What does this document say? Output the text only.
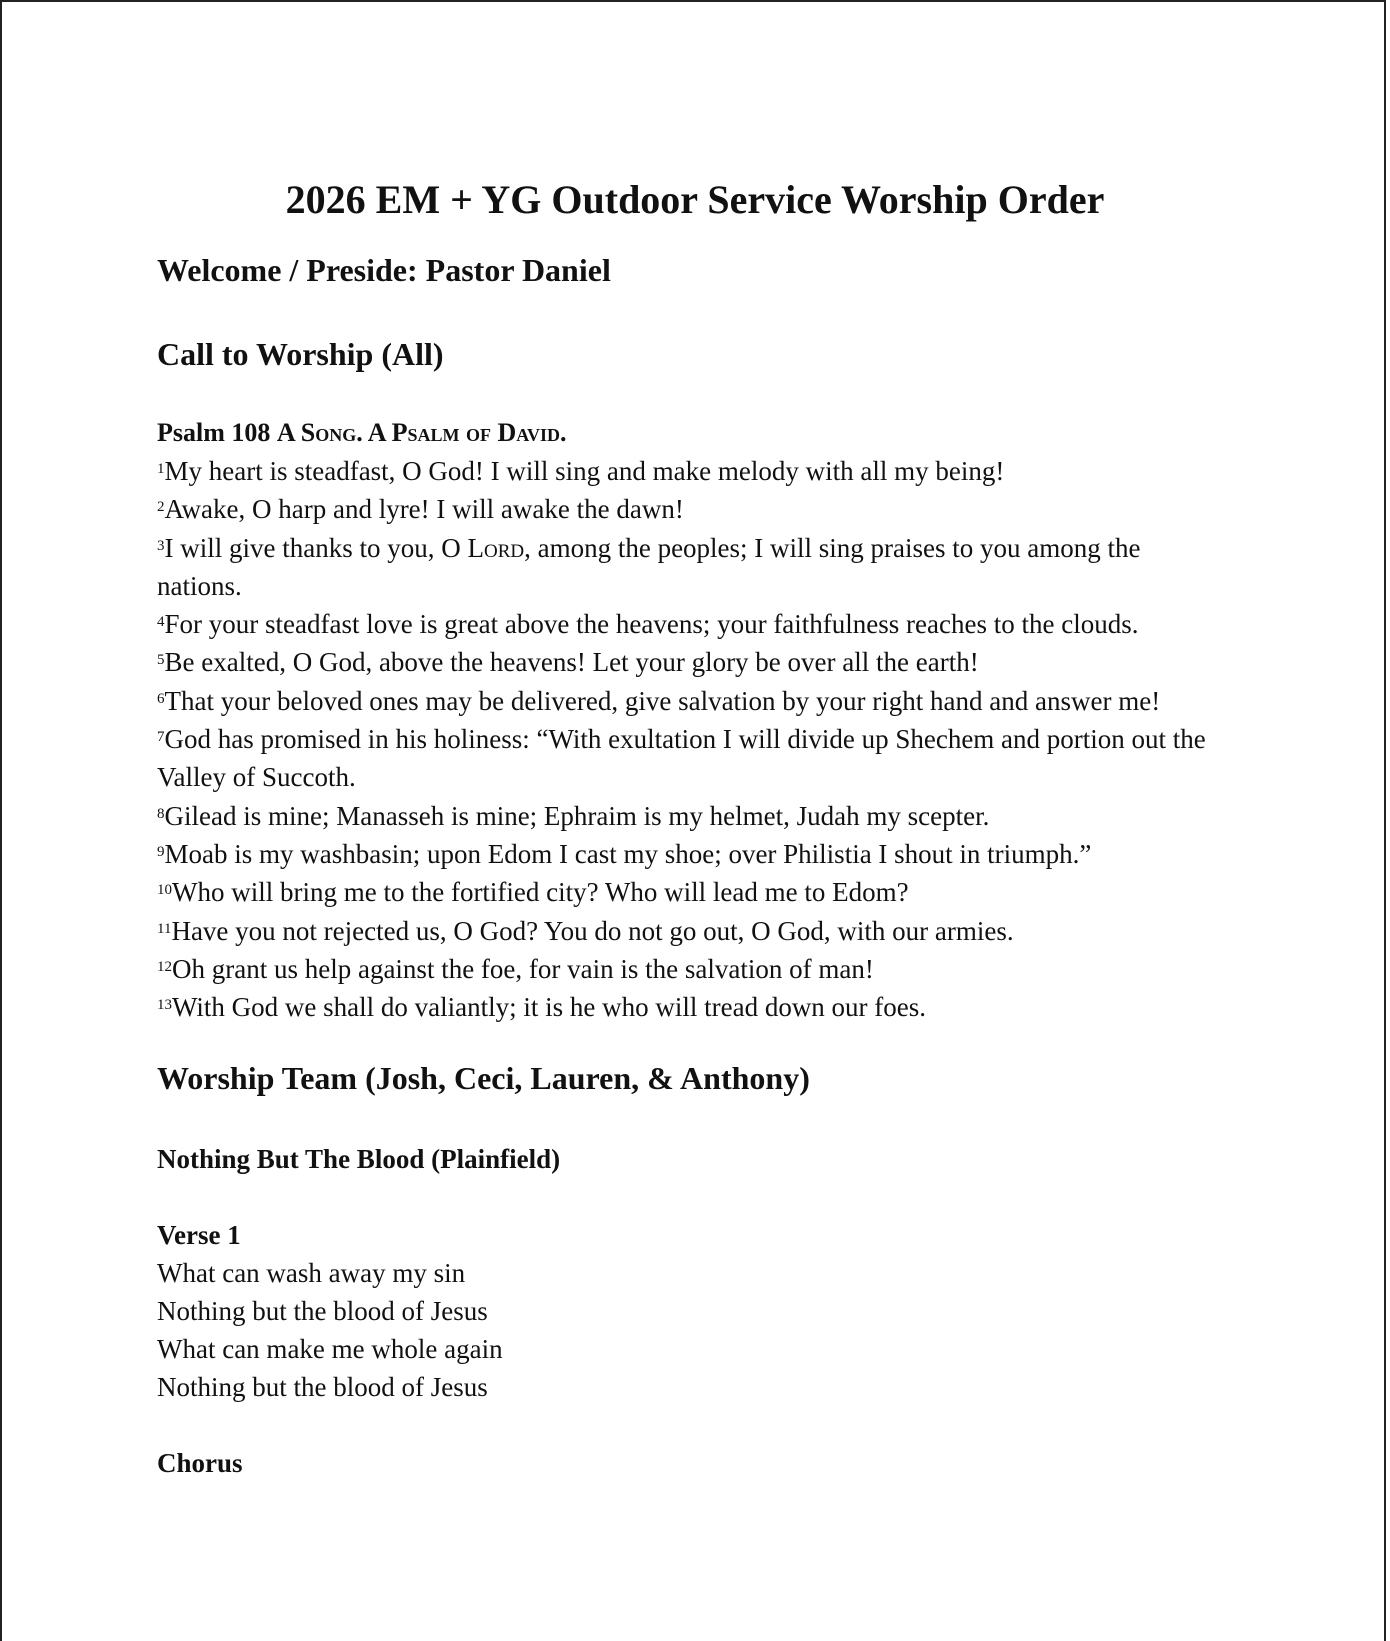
2026 EM + YG Outdoor Service Worship Order
Welcome / Preside: Pastor Daniel
Call to Worship (All)
Psalm 108 A Song. A Psalm of David.

$^1$My heart is steadfast, O God! I will sing and make melody with all my being!

$^2$Awake, O harp and lyre! I will awake the dawn!

$^3$I will give thanks to you, O Lord, among the peoples; I will sing praises to you among the nations.

$^4$For your steadfast love is great above the heavens; your faithfulness reaches to the clouds.

$^5$Be exalted, O God, above the heavens! Let your glory be over all the earth!

$^6$That your beloved ones may be delivered, give salvation by your right hand and answer me!

$^7$God has promised in his holiness: “With exultation I will divide up Shechem and portion out the Valley of Succoth.

$^8$Gilead is mine; Manasseh is mine; Ephraim is my helmet, Judah my scepter.

$^9$Moab is my washbasin; upon Edom I cast my shoe; over Philistia I shout in triumph.”

$^{10}$Who will bring me to the fortified city? Who will lead me to Edom?

$^{11}$Have you not rejected us, O God? You do not go out, O God, with our armies.

$^{12}$Oh grant us help against the foe, for vain is the salvation of man!

$^{13}$With God we shall do valiantly; it is he who will tread down our foes.

Worship Team (Josh, Ceci, Lauren, & Anthony)
Nothing But The Blood (Plainfield)
Verse 1
What can wash away my sin
Nothing but the blood of Jesus
What can make me whole again
Nothing but the blood of Jesus
Chorus
